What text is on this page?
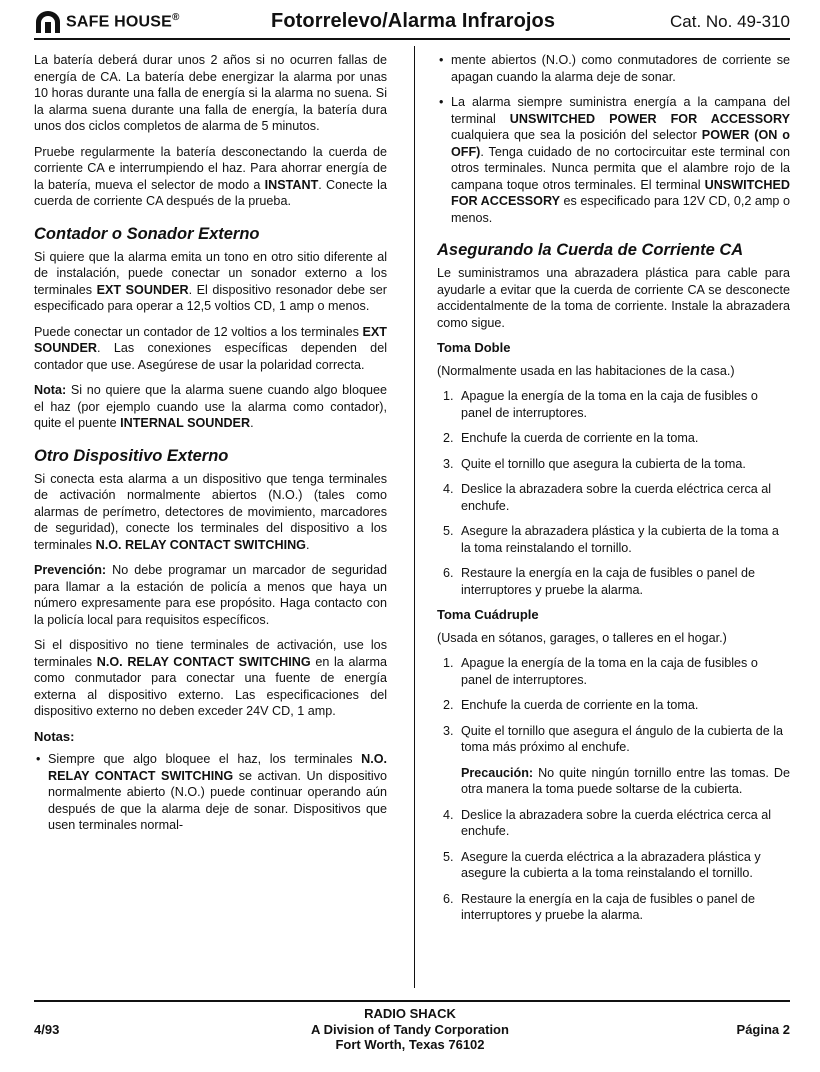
SAFE HOUSE®	Fotorrelevo/Alarma Infrarojos	Cat. No. 49-310

La batería deberá durar unos 2 años si no ocurren fallas de energía de CA. La batería debe energizar la alarma por unas 10 horas durante una falla de energía si la alarma no suena. Si la alarma suena durante una falla de energía, la batería dura unos dos ciclos completos de alarma de 5 minutos.

Pruebe regularmente la batería desconectando la cuerda de corriente CA e interrumpiendo el haz. Para ahorrar energía de la batería, mueva el selector de modo a INSTANT. Conecte la cuerda de corriente CA después de la prueba.

Contador o Sonador Externo

Si quiere que la alarma emita un tono en otro sitio diferente al de instalación, puede conectar un sonador externo a los terminales EXT SOUNDER. El dispositivo resonador debe ser especificado para operar a 12,5 voltios CD, 1 amp o menos.

Puede conectar un contador de 12 voltios a los terminales EXT SOUNDER. Las conexiones específicas dependen del contador que use. Asegúrese de usar la polaridad correcta.

Nota: Si no quiere que la alarma suene cuando algo bloquee el haz (por ejemplo cuando use la alarma como contador), quite el puente INTERNAL SOUNDER.

Otro Dispositivo Externo

Si conecta esta alarma a un dispositivo que tenga terminales de activación normalmente abiertos (N.O.) (tales como alarmas de perímetro, detectores de movimiento, marcadores de seguridad), conecte los terminales del dispositivo a los terminales N.O. RELAY CONTACT SWITCHING.

Prevención: No debe programar un marcador de seguridad para llamar a la estación de policía a menos que haya un número expresamente para ese propósito. Haga contacto con la policía local para requisitos específicos.

Si el dispositivo no tiene terminales de activación, use los terminales N.O. RELAY CONTACT SWITCHING en la alarma como conmutador para conectar una fuente de energía externa al dispositivo externo. Las especificaciones del dispositivo externo no deben exceder 24V CD, 1 amp.

Notas:
• Siempre que algo bloquee el haz, los terminales N.O. RELAY CONTACT SWITCHING se activan. Un dispositivo normalmente abierto (N.O.) puede continuar operando aún después de que la alarma deje de sonar. Dispositivos que usen terminales normal-
• mente abiertos (N.O.) como conmutadores de corriente se apagan cuando la alarma deje de sonar.
• La alarma siempre suministra energía a la campana del terminal UNSWITCHED POWER FOR ACCESSORY cualquiera que sea la posición del selector POWER (ON o OFF). Tenga cuidado de no cortocircuitar este terminal con otros terminales. Nunca permita que el alambre rojo de la campana toque otros terminales. El terminal UNSWITCHED FOR ACCESSORY es especificado para 12V CD, 0,2 amp o menos.
Asegurando la Cuerda de Corriente CA

Le suministramos una abrazadera plástica para cable para ayudarle a evitar que la cuerda de corriente CA se desconecte accidentalmente de la toma de corriente. Instale la abrazadera como sigue.

Toma Doble

(Normalmente usada en las habitaciones de la casa.)

1. Apague la energía de la toma en la caja de fusibles o panel de interruptores.
2. Enchufe la cuerda de corriente en la toma.
3. Quite el tornillo que asegura la cubierta de la toma.
4. Deslice la abrazadera sobre la cuerda eléctrica cerca al enchufe.
5. Asegure la abrazadera plástica y la cubierta de la toma a la toma reinstalando el tornillo.
6. Restaure la energía en la caja de fusibles o panel de interruptores y pruebe la alarma.
Toma Cuádruple

(Usada en sótanos, garages, o talleres en el hogar.)

1. Apague la energía de la toma en la caja de fusibles o panel de interruptores.
2. Enchufe la cuerda de corriente en la toma.
3. Quite el tornillo que asegura el ángulo de la cubierta de la toma más próximo al enchufe.

Precaución: No quite ningún tornillo entre las tomas. De otra manera la toma puede soltarse de la cubierta.

4. Deslice la abrazadera sobre la cuerda eléctrica cerca al enchufe.
5. Asegure la cuerda eléctrica a la abrazadera plástica y asegure la cubierta a la toma reinstalando el tornillo.
6. Restaure la energía en la caja de fusibles o panel de interruptores y pruebe la alarma.
4/93
RADIO SHACK
A Division of Tandy Corporation
Fort Worth, Texas 76102
Página 2
